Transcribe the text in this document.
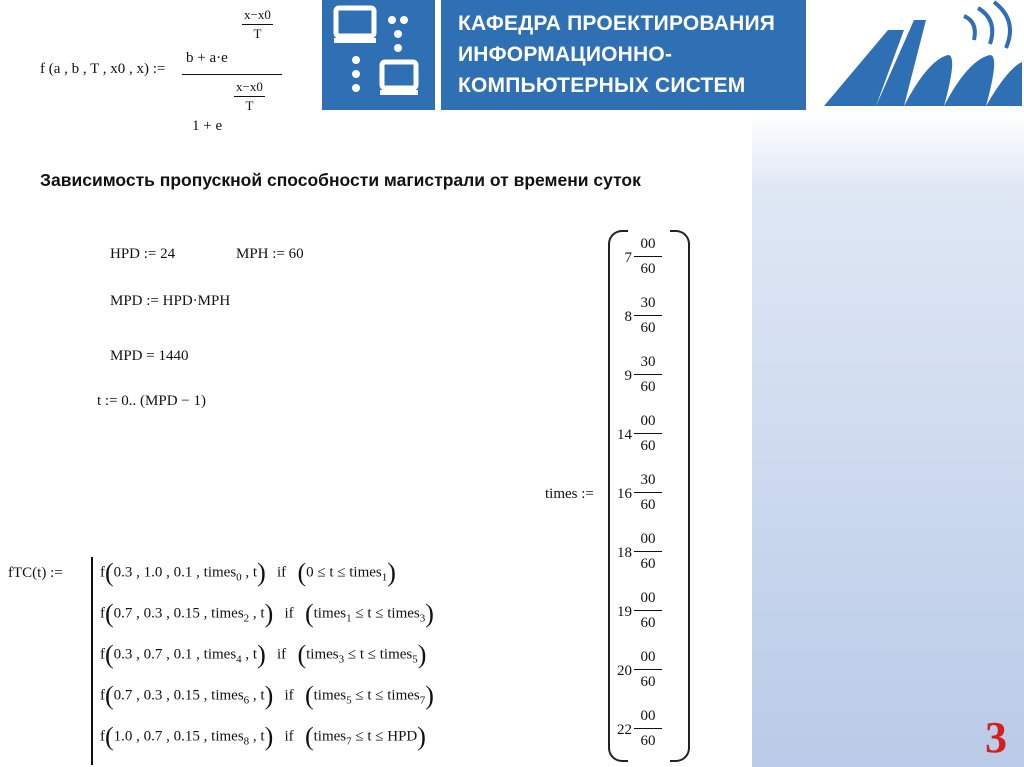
f (a , b , T , x0 , x) :=
b + a·e
$\frac{x-x0}{T}$
$\frac{x-x0}{T}$
1 + e
КАФЕДРА ПРОЕКТИРОВАНИЯ
ИНФОРМАЦИОННО-
КОМПЬЮТЕРНЫХ СИСТЕМ
Зависимость пропускной способности магистрали от времени суток
HPD := 24	MPH := 60
MPD := HPD·MPH
MPD = 1440
t := 0.. (MPD − 1)
times :=
7
00
60
8
30
60
9
30
60
14
00
60
16
30
60
18
00
60
19
00
60
20
00
60
22
00
60
fTC(t) := f(0.3 , 1.0 , 0.1 , times$_0$ , t) if (0 ≤ t ≤ times$_1$)
f(0.7 , 0.3 , 0.15 , times$_2$ , t) if (times$_1$ ≤ t ≤ times$_3$)
f(0.3 , 0.7 , 0.1 , times$_4$ , t) if (times$_3$ ≤ t ≤ times$_5$)
f(0.7 , 0.3 , 0.15 , times$_6$ , t) if (times$_5$ ≤ t ≤ times$_7$)
f(1.0 , 0.7 , 0.15 , times$_8$ , t) if (times$_7$ ≤ t ≤ HPD)	3
